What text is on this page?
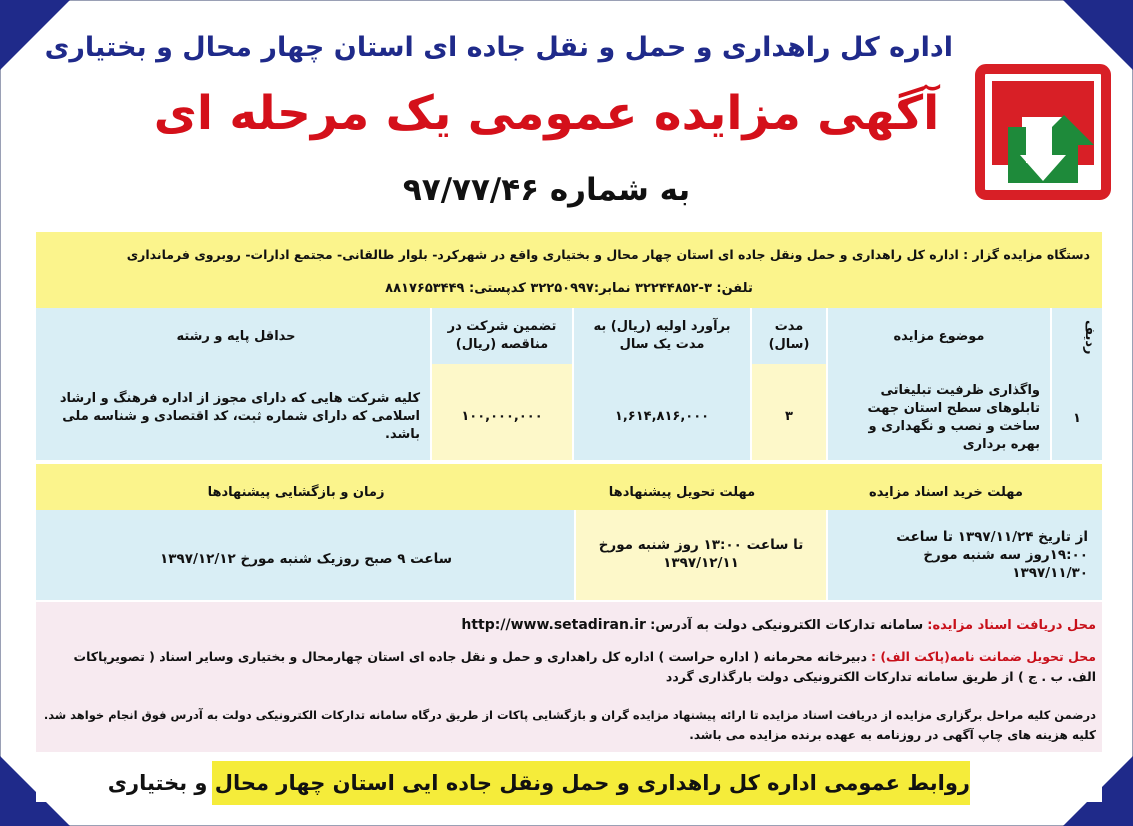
اداره کل راهداری و حمل و نقل جاده ای استان چهار محال و بختیاری
آگهی مزایده عمومی یک مرحله ای
به شماره ۹۷/۷۷/۴۶
دستگاه مزایده گزار : اداره کل راهداری و حمل ونقل جاده ای استان چهار محال و بختیاری واقع در شهرکرد- بلوار طالقانی- مجتمع ادارات- روبروی فرمانداری
تلفن: ۳-۳۲۲۴۴۸۵۲ نمابر:۳۲۲۵۰۹۹۷ کدپستی: ۸۸۱۷۶۵۳۴۴۹
ردیف
۱
موضوع مزایده
مدت (سال)
برآورد اولیه (ریال) به مدت یک سال
تضمین شرکت در مناقصه (ریال)
حداقل پایه و رشته
واگذاری ظرفیت تبلیغاتی تابلوهای سطح استان جهت ساخت و نصب و نگهداری و بهره برداری
۳
۱,۶۱۴,۸۱۶,۰۰۰
۱۰۰,۰۰۰,۰۰۰
کلیه شرکت هایی که دارای مجوز از اداره فرهنگ و ارشاد اسلامی که دارای شماره ثبت، کد اقتصادی و شناسه ملی باشد.
مهلت خرید اسناد مزایده
مهلت تحویل پیشنهادها
زمان و بازگشایی پیشنهادها
از تاریخ ۱۳۹۷/۱۱/۲۴ تا ساعت ۱۹:۰۰روز سه شنبه مورخ ۱۳۹۷/۱۱/۳۰
تا ساعت ۱۳:۰۰ روز شنبه مورخ ۱۳۹۷/۱۲/۱۱
ساعت ۹ صبح روزیک شنبه مورخ ۱۳۹۷/۱۲/۱۲
محل دریافت اسناد مزایده: سامانه تدارکات الکترونیکی دولت به آدرس: http://www.setadiran.ir
محل تحویل ضمانت نامه(پاکت الف) : دبیرخانه محرمانه ( اداره حراست ) اداره کل راهداری و حمل و نقل جاده ای استان چهارمحال و بختیاری وسایر اسناد ( تصویرپاکات
الف. ب . ج ) از طریق سامانه تدارکات الکترونیکی دولت بارگذاری گردد
درضمن کلیه مراحل برگزاری مزایده از دریافت اسناد مزایده تا ارائه پیشنهاد مزایده گران و بازگشایی پاکات از طریق درگاه سامانه تدارکات الکترونیکی دولت به آدرس فوق انجام خواهد شد.
کلیه هزینه های چاپ آگهی در روزنامه به عهده برنده مزایده می باشد.
روابط عمومی اداره کل راهداری و حمل ونقل جاده ایی استان چهار محال و بختیاری
